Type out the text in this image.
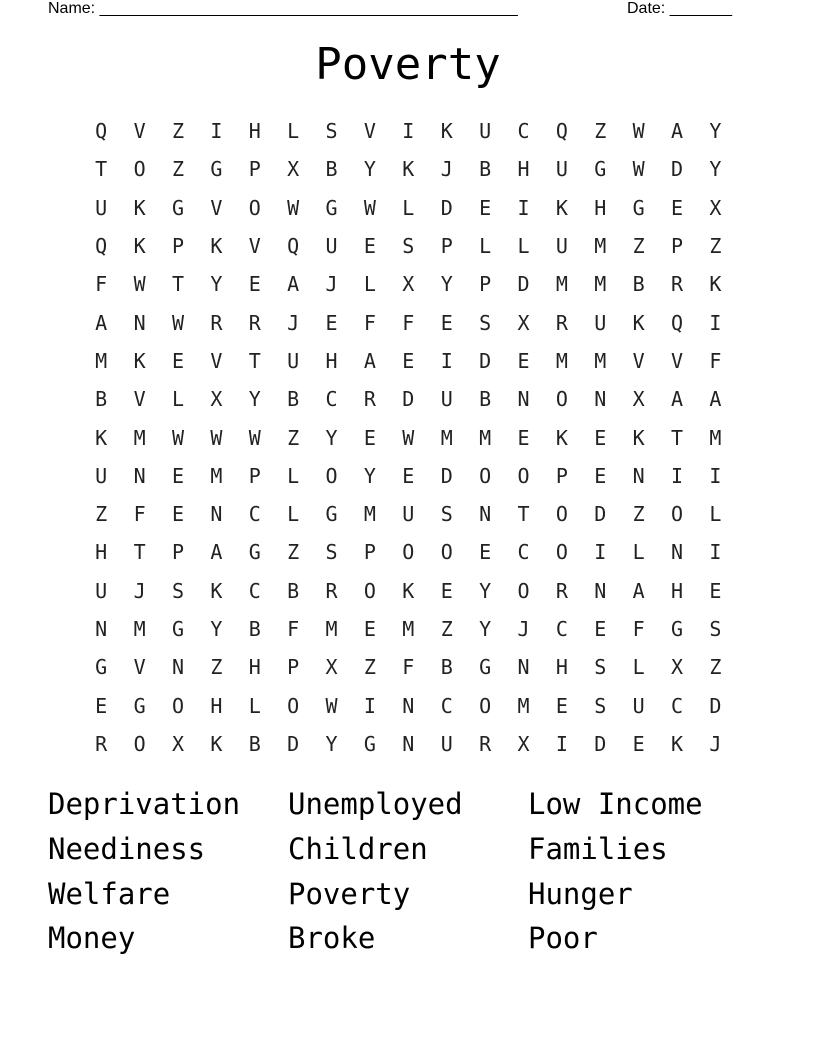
Name: _______________________________________________	Date: _______
Poverty
Q	V	Z	I	H	L	S	V	I	K	U	C	Q	Z	W	A	Y
T	O	Z	G	P	X	B	Y	K	J	B	H	U	G	W	D	Y
U	K	G	V	O	W	G	W	L	D	E	I	K	H	G	E	X
Q	K	P	K	V	Q	U	E	S	P	L	L	U	M	Z	P	Z
F	W	T	Y	E	A	J	L	X	Y	P	D	M	M	B	R	K
A	N	W	R	R	J	E	F	F	E	S	X	R	U	K	Q	I
M	K	E	V	T	U	H	A	E	I	D	E	M	M	V	V	F
B	V	L	X	Y	B	C	R	D	U	B	N	O	N	X	A	A
K	M	W	W	W	Z	Y	E	W	M	M	E	K	E	K	T	M
U	N	E	M	P	L	O	Y	E	D	O	O	P	E	N	I	I
Z	F	E	N	C	L	G	M	U	S	N	T	O	D	Z	O	L
H	T	P	A	G	Z	S	P	O	O	E	C	O	I	L	N	I
U	J	S	K	C	B	R	O	K	E	Y	O	R	N	A	H	E
N	M	G	Y	B	F	M	E	M	Z	Y	J	C	E	F	G	S
G	V	N	Z	H	P	X	Z	F	B	G	N	H	S	L	X	Z
E	G	O	H	L	O	W	I	N	C	O	M	E	S	U	C	D
R	O	X	K	B	D	Y	G	N	U	R	X	I	D	E	K	J
Deprivation	Unemployed	Low Income
Neediness	Children	Families
Welfare	Poverty	Hunger
Money	Broke	Poor
